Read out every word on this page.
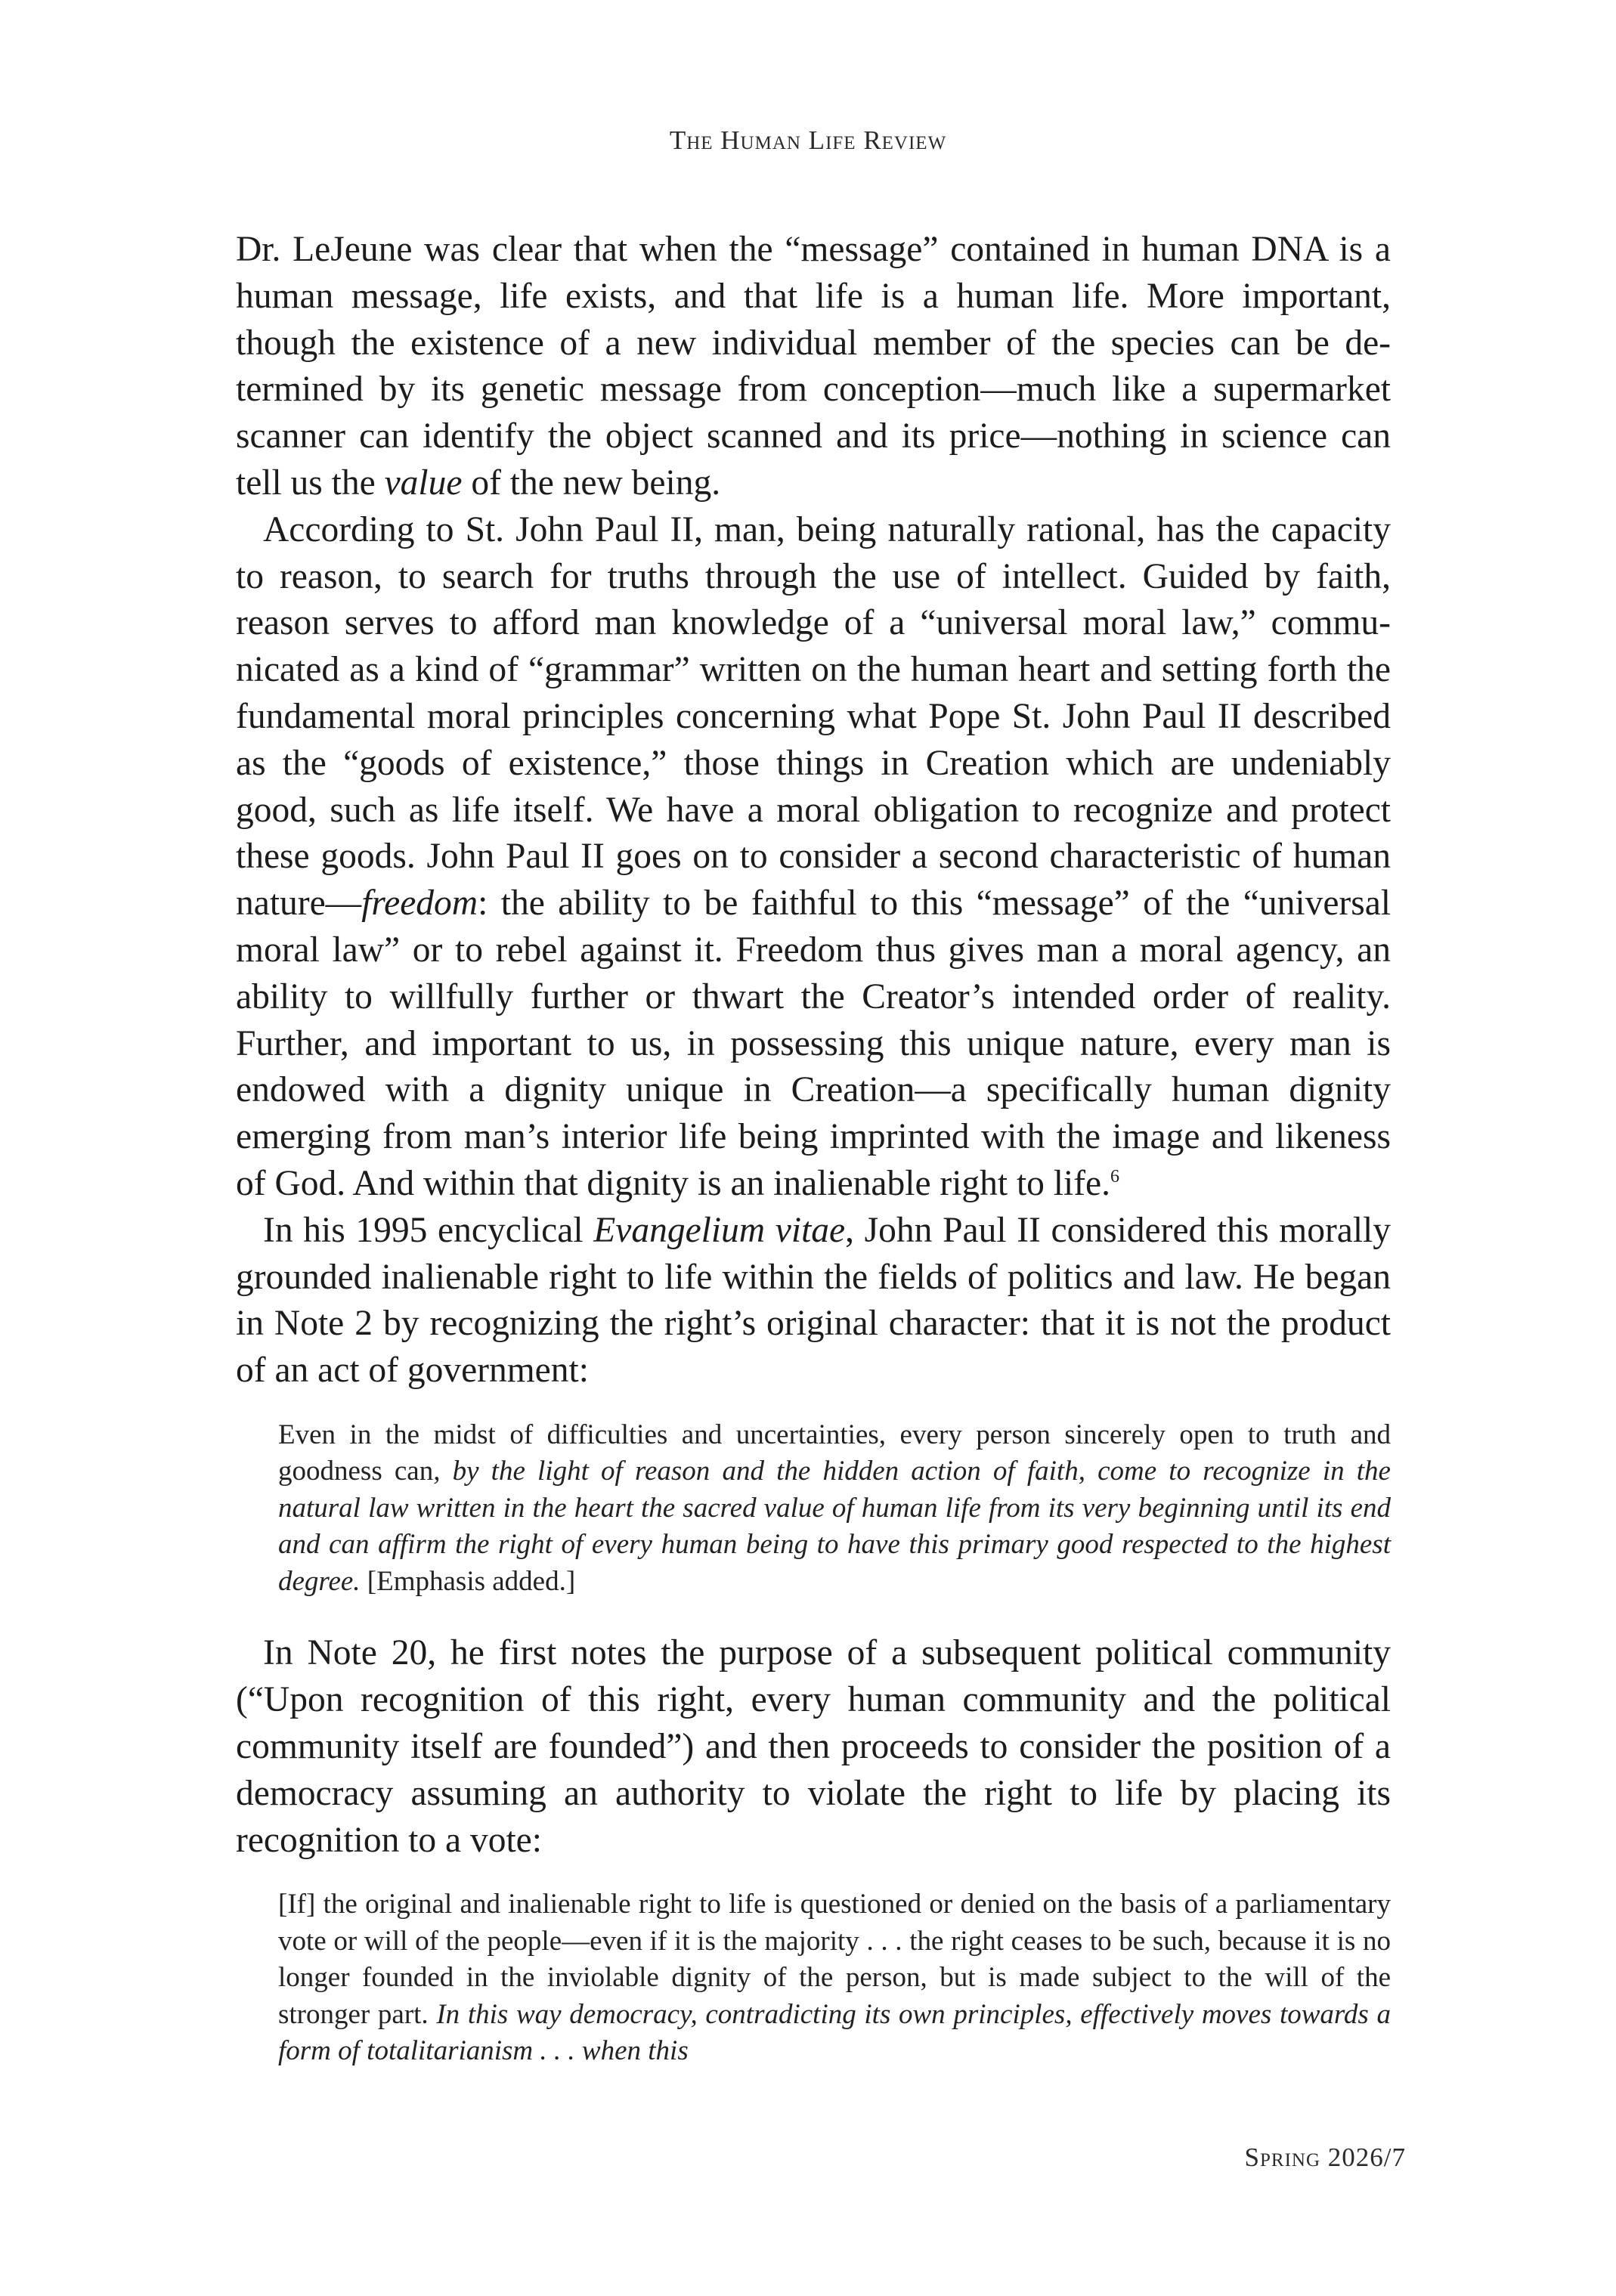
The Human Life Review

Dr. LeJeune was clear that when the “message” contained in human DNA is a human message, life exists, and that life is a human life. More important, though the existence of a new individual member of the species can be determined by its genetic message from conception—much like a supermarket scanner can identify the object scanned and its price—nothing in science can tell us the value of the new being.

According to St. John Paul II, man, being naturally rational, has the capacity to reason, to search for truths through the use of intellect. Guided by faith, reason serves to afford man knowledge of a “universal moral law,” communicated as a kind of “grammar” written on the human heart and setting forth the fundamental moral principles concerning what Pope St. John Paul II described as the “goods of existence,” those things in Creation which are undeniably good, such as life itself. We have a moral obligation to recognize and protect these goods. John Paul II goes on to consider a second characteristic of human nature—freedom: the ability to be faithful to this “message” of the “universal moral law” or to rebel against it. Freedom thus gives man a moral agency, an ability to willfully further or thwart the Creator’s intended order of reality. Further, and important to us, in possessing this unique nature, every man is endowed with a dignity unique in Creation—a specifically human dignity emerging from man’s interior life being imprinted with the image and likeness of God. And within that dignity is an inalienable right to life.$^6$

In his 1995 encyclical Evangelium vitae, John Paul II considered this morally grounded inalienable right to life within the fields of politics and law. He began in Note 2 by recognizing the right’s original character: that it is not the product of an act of government:

Even in the midst of difficulties and uncertainties, every person sincerely open to truth and goodness can, by the light of reason and the hidden action of faith, come to recognize in the natural law written in the heart the sacred value of human life from its very beginning until its end and can affirm the right of every human being to have this primary good respected to the highest degree. [Emphasis added.]

In Note 20, he first notes the purpose of a subsequent political community (“Upon recognition of this right, every human community and the political community itself are founded”) and then proceeds to consider the position of a democracy assuming an authority to violate the right to life by placing its recognition to a vote:

[If] the original and inalienable right to life is questioned or denied on the basis of a parliamentary vote or will of the people—even if it is the majority . . . the right ceases to be such, because it is no longer founded in the inviolable dignity of the person, but is made subject to the will of the stronger part. In this way democracy, contradicting its own principles, effectively moves towards a form of totalitarianism . . . when this
Spring 2026/7
